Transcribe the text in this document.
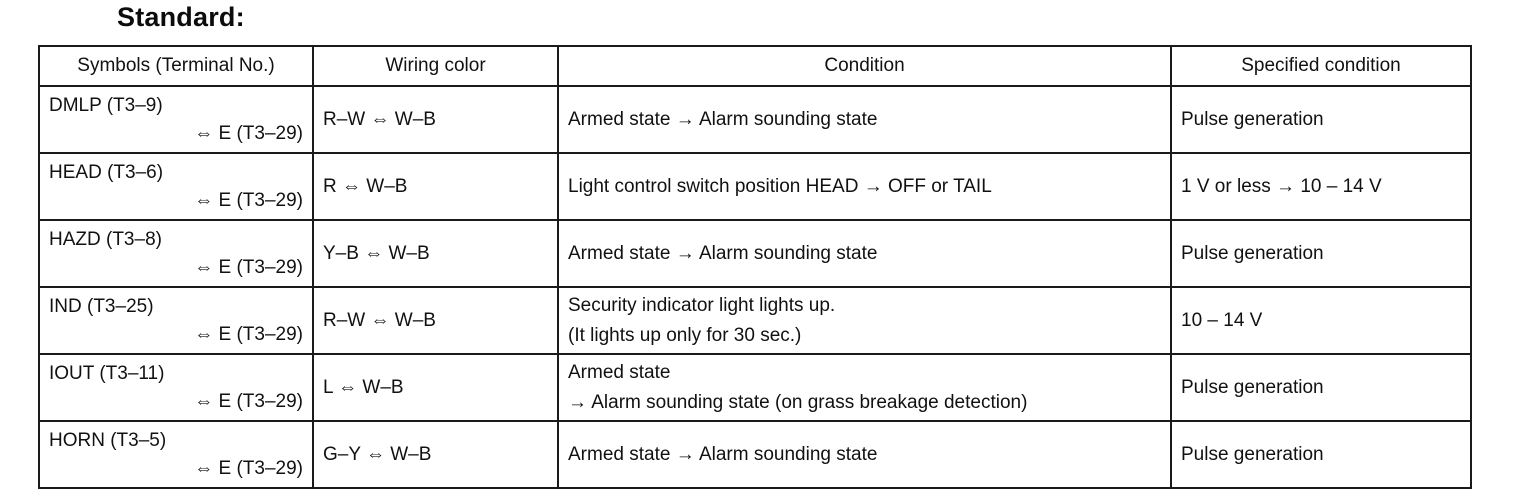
Standard:
Symbols (Terminal No.)	Wiring color	Condition	Specified condition

DMLP (T3–9)
⇔ E (T3–29)	R–W ⇔ W–B	Armed state → Alarm sounding state	Pulse generation

HEAD (T3–6)
⇔ E (T3–29)	R ⇔ W–B	Light control switch position HEAD → OFF or TAIL	1 V or less → 10 – 14 V

HAZD (T3–8)
⇔ E (T3–29)	Y–B ⇔ W–B	Armed state → Alarm sounding state	Pulse generation

IND (T3–25)
⇔ E (T3–29)	R–W ⇔ W–B	Security indicator light lights up.
(It lights up only for 30 sec.)	10 – 14 V

IOUT (T3–11)
⇔ E (T3–29)	L ⇔ W–B	Armed state
→ Alarm sounding state (on grass breakage detection)	Pulse generation

HORN (T3–5)
⇔ E (T3–29)	G–Y ⇔ W–B	Armed state → Alarm sounding state	Pulse generation
